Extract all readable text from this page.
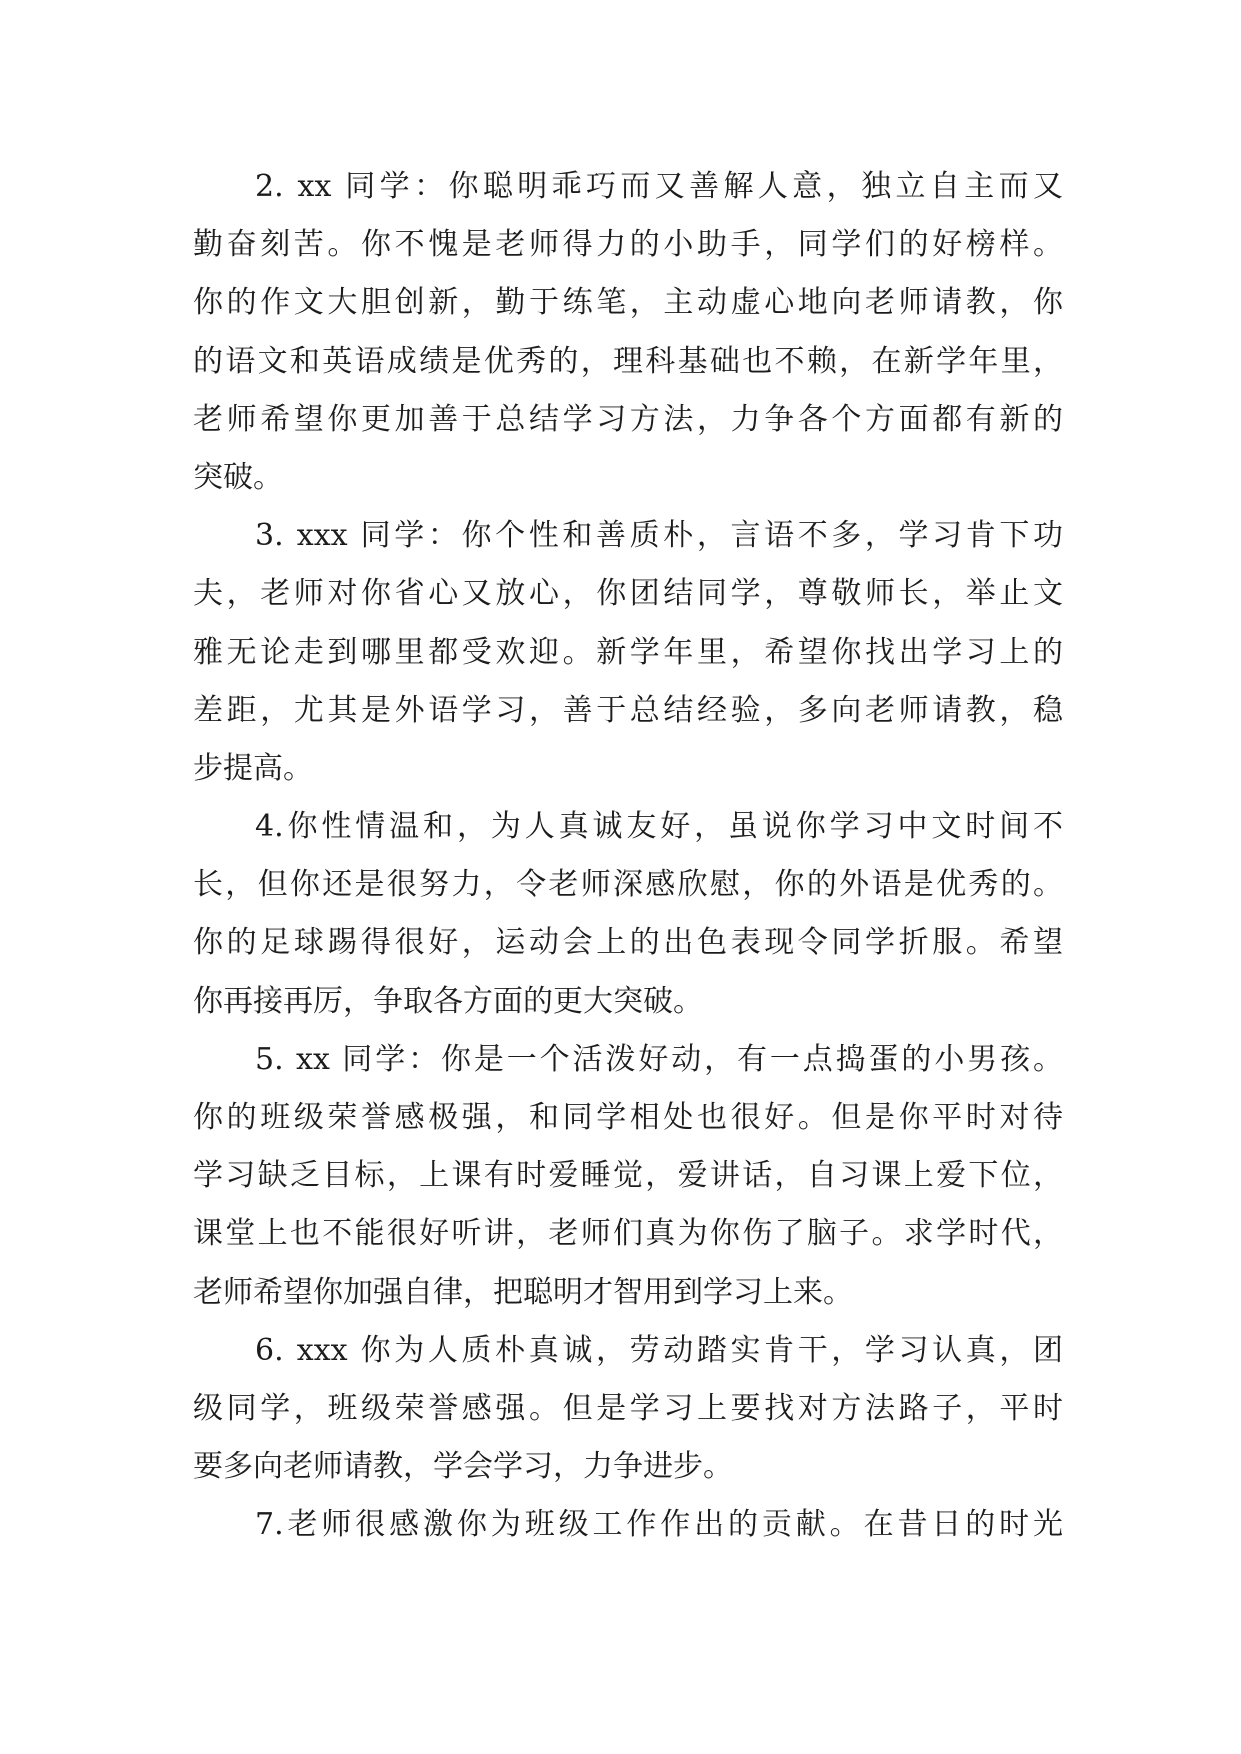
2. xx 同学：你聪明乖巧而又善解人意，独立自主而又
勤奋刻苦。你不愧是老师得力的小助手，同学们的好榜样。
你的作文大胆创新，勤于练笔，主动虚心地向老师请教，你
的语文和英语成绩是优秀的，理科基础也不赖，在新学年里，
老师希望你更加善于总结学习方法，力争各个方面都有新的
突破。
3. xxx 同学：你个性和善质朴，言语不多，学习肯下功
夫，老师对你省心又放心，你团结同学，尊敬师长，举止文
雅无论走到哪里都受欢迎。新学年里，希望你找出学习上的
差距，尤其是外语学习，善于总结经验，多向老师请教，稳
步提高。
4.你性情温和，为人真诚友好，虽说你学习中文时间不
长，但你还是很努力，令老师深感欣慰，你的外语是优秀的。
你的足球踢得很好，运动会上的出色表现令同学折服。希望
你再接再厉，争取各方面的更大突破。
5. xx 同学：你是一个活泼好动，有一点捣蛋的小男孩。
你的班级荣誉感极强，和同学相处也很好。但是你平时对待
学习缺乏目标，上课有时爱睡觉，爱讲话，自习课上爱下位，
课堂上也不能很好听讲，老师们真为你伤了脑子。求学时代，
老师希望你加强自律，把聪明才智用到学习上来。
6. xxx 你为人质朴真诚，劳动踏实肯干，学习认真，团
级同学，班级荣誉感强。但是学习上要找对方法路子，平时
要多向老师请教，学会学习，力争进步。
7.老师很感激你为班级工作作出的贡献。在昔日的时光
